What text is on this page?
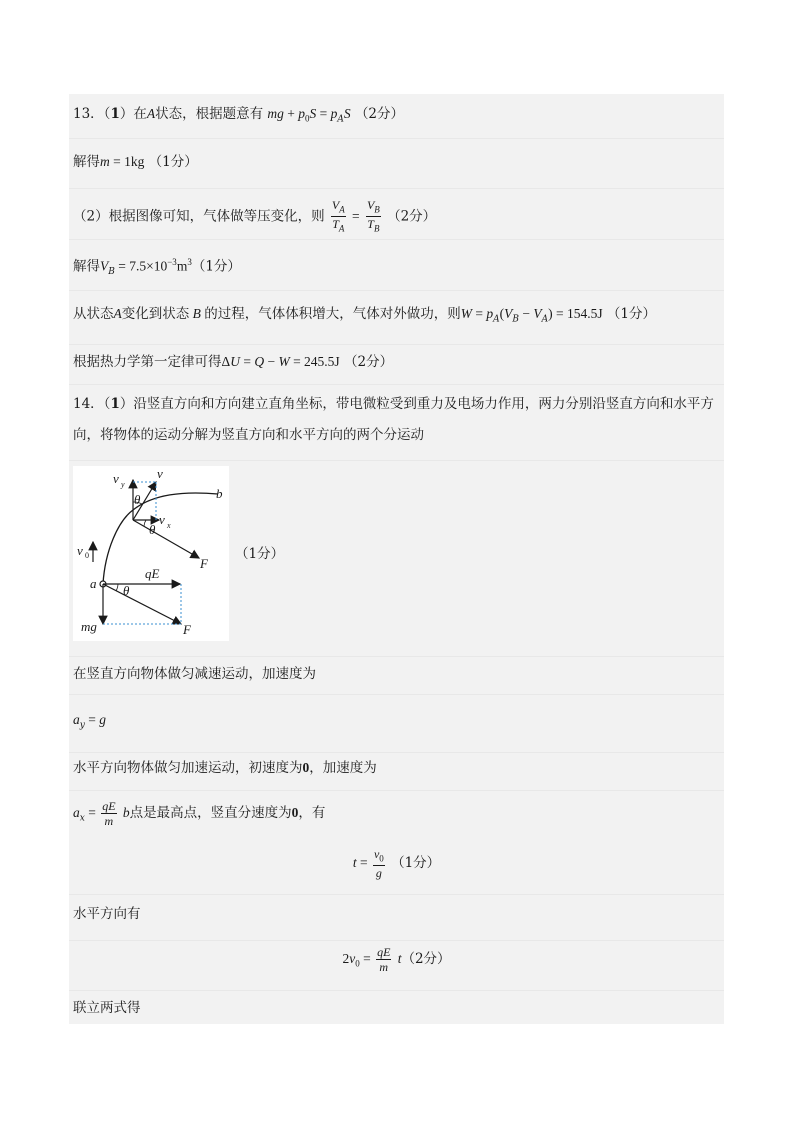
13．（1）在A状态，根据题意有 mg + $p_0S = p_AS$ （2分）
解得m = 1kg （1分）
（2）根据图像可知，气体做等压变化，则 $\frac{V_A}{T_A} = \frac{V_B}{T_B} (2$分）
解得$V_B = 7.5\times 10^{-3}m^3(1$分）
从状态A变化到状态 B 的过程，气体体积增大，气体对外做功，则$W = p_A(V_B - V_A) = 154.5J$ （1分）
根据热力学第一定律可得ΔU = Q − W = 245.5J （2分）
14．（1）沿竖直方向和方向建立直角坐标，带电微粒受到重力及电场力作用，两力分别沿竖直方向和水平方向，将物体的运动分解为竖直方向和水平方向的两个分运动
v y
v
b
θ
v x
θ
v 0
F
qE
a θ
mg	F
（1分）
在竖直方向物体做匀减速运动，加速度为
$a_y = g$
水平方向物体做匀加速运动，初速度为0，加速度为
$a_x = \frac{qE}{m}$ b点是最高点，竖直分速度为0，有
$t = \frac{v_0}{g} (1$分）
水平方向有
$2v_0 = \frac{qE}{m} t(2$分）
联立两式得
